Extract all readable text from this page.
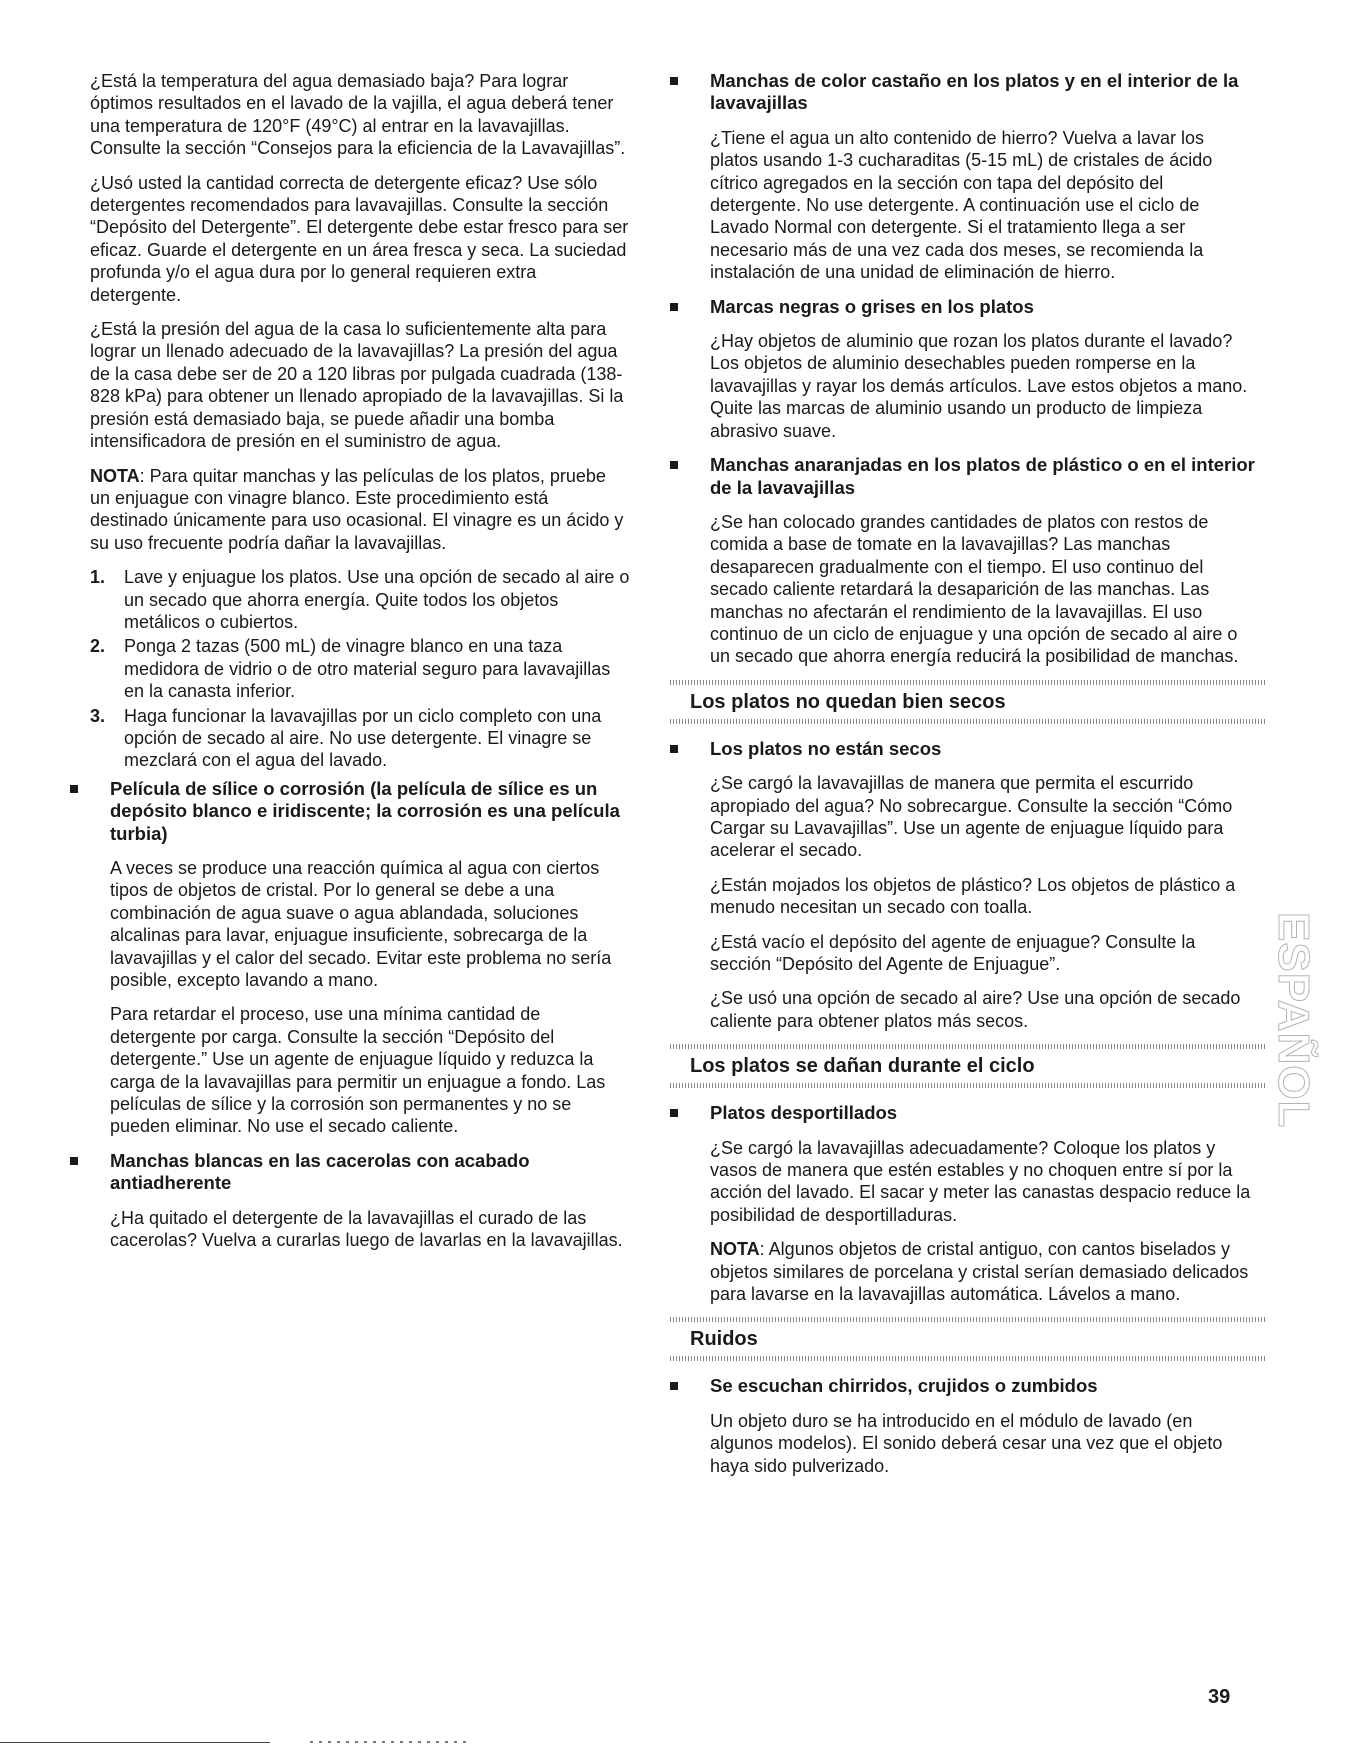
¿Está la temperatura del agua demasiado baja? Para lograr óptimos resultados en el lavado de la vajilla, el agua deberá tener una temperatura de 120°F (49°C) al entrar en la lavavajillas. Consulte la sección “Consejos para la eficiencia de la Lavavajillas”.

¿Usó usted la cantidad correcta de detergente eficaz? Use sólo detergentes recomendados para lavavajillas. Consulte la sección “Depósito del Detergente”. El detergente debe estar fresco para ser eficaz. Guarde el detergente en un área fresca y seca. La suciedad profunda y/o el agua dura por lo general requieren extra detergente.

¿Está la presión del agua de la casa lo suficientemente alta para lograr un llenado adecuado de la lavavajillas? La presión del agua de la casa debe ser de 20 a 120 libras por pulgada cuadrada (138-828 kPa) para obtener un llenado apropiado de la lavavajillas. Si la presión está demasiado baja, se puede añadir una bomba intensificadora de presión en el suministro de agua.

NOTA: Para quitar manchas y las películas de los platos, pruebe un enjuague con vinagre blanco. Este procedimiento está destinado únicamente para uso ocasional. El vinagre es un ácido y su uso frecuente podría dañar la lavavajillas.

1. Lave y enjuague los platos. Use una opción de secado al aire o un secado que ahorra energía. Quite todos los objetos metálicos o cubiertos.
2. Ponga 2 tazas (500 mL) de vinagre blanco en una taza medidora de vidrio o de otro material seguro para lavavajillas en la canasta inferior.
3. Haga funcionar la lavavajillas por un ciclo completo con una opción de secado al aire. No use detergente. El vinagre se mezclará con el agua del lavado.
Película de sílice o corrosión (la película de sílice es un depósito blanco e iridiscente; la corrosión es una película turbia)

A veces se produce una reacción química al agua con ciertos tipos de objetos de cristal. Por lo general se debe a una combinación de agua suave o agua ablandada, soluciones alcalinas para lavar, enjuague insuficiente, sobrecarga de la lavavajillas y el calor del secado. Evitar este problema no sería posible, excepto lavando a mano.

Para retardar el proceso, use una mínima cantidad de detergente por carga. Consulte la sección “Depósito del detergente.” Use un agente de enjuague líquido y reduzca la carga de la lavavajillas para permitir un enjuague a fondo. Las películas de sílice y la corrosión son permanentes y no se pueden eliminar. No use el secado caliente.

Manchas blancas en las cacerolas con acabado antiadherente

¿Ha quitado el detergente de la lavavajillas el curado de las cacerolas? Vuelva a curarlas luego de lavarlas en la lavavajillas.

Manchas de color castaño en los platos y en el interior de la lavavajillas

¿Tiene el agua un alto contenido de hierro? Vuelva a lavar los platos usando 1-3 cucharaditas (5-15 mL) de cristales de ácido cítrico agregados en la sección con tapa del depósito del detergente. No use detergente. A continuación use el ciclo de Lavado Normal con detergente. Si el tratamiento llega a ser necesario más de una vez cada dos meses, se recomienda la instalación de una unidad de eliminación de hierro.

Marcas negras o grises en los platos

¿Hay objetos de aluminio que rozan los platos durante el lavado? Los objetos de aluminio desechables pueden romperse en la lavavajillas y rayar los demás artículos. Lave estos objetos a mano. Quite las marcas de aluminio usando un producto de limpieza abrasivo suave.

Manchas anaranjadas en los platos de plástico o en el interior de la lavavajillas

¿Se han colocado grandes cantidades de platos con restos de comida a base de tomate en la lavavajillas? Las manchas desaparecen gradualmente con el tiempo. El uso continuo del secado caliente retardará la desaparición de las manchas. Las manchas no afectarán el rendimiento de la lavavajillas. El uso continuo de un ciclo de enjuague y una opción de secado al aire o un secado que ahorra energía reducirá la posibilidad de manchas.

Los platos no quedan bien secos
Los platos no están secos

¿Se cargó la lavavajillas de manera que permita el escurrido apropiado del agua? No sobrecargue. Consulte la sección “Cómo Cargar su Lavavajillas”. Use un agente de enjuague líquido para acelerar el secado.

¿Están mojados los objetos de plástico? Los objetos de plástico a menudo necesitan un secado con toalla.

¿Está vacío el depósito del agente de enjuague? Consulte la sección “Depósito del Agente de Enjuague”.

¿Se usó una opción de secado al aire? Use una opción de secado caliente para obtener platos más secos.

Los platos se dañan durante el ciclo
Platos desportillados

¿Se cargó la lavavajillas adecuadamente? Coloque los platos y vasos de manera que estén estables y no choquen entre sí por la acción del lavado. El sacar y meter las canastas despacio reduce la posibilidad de desportilladuras.

NOTA: Algunos objetos de cristal antiguo, con cantos biselados y objetos similares de porcelana y cristal serían demasiado delicados para lavarse en la lavavajillas automática. Lávelos a mano.

Ruidos
Se escuchan chirridos, crujidos o zumbidos

Un objeto duro se ha introducido en el módulo de lavado (en algunos modelos). El sonido deberá cesar una vez que el objeto haya sido pulverizado.

ESPAÑOL
39
